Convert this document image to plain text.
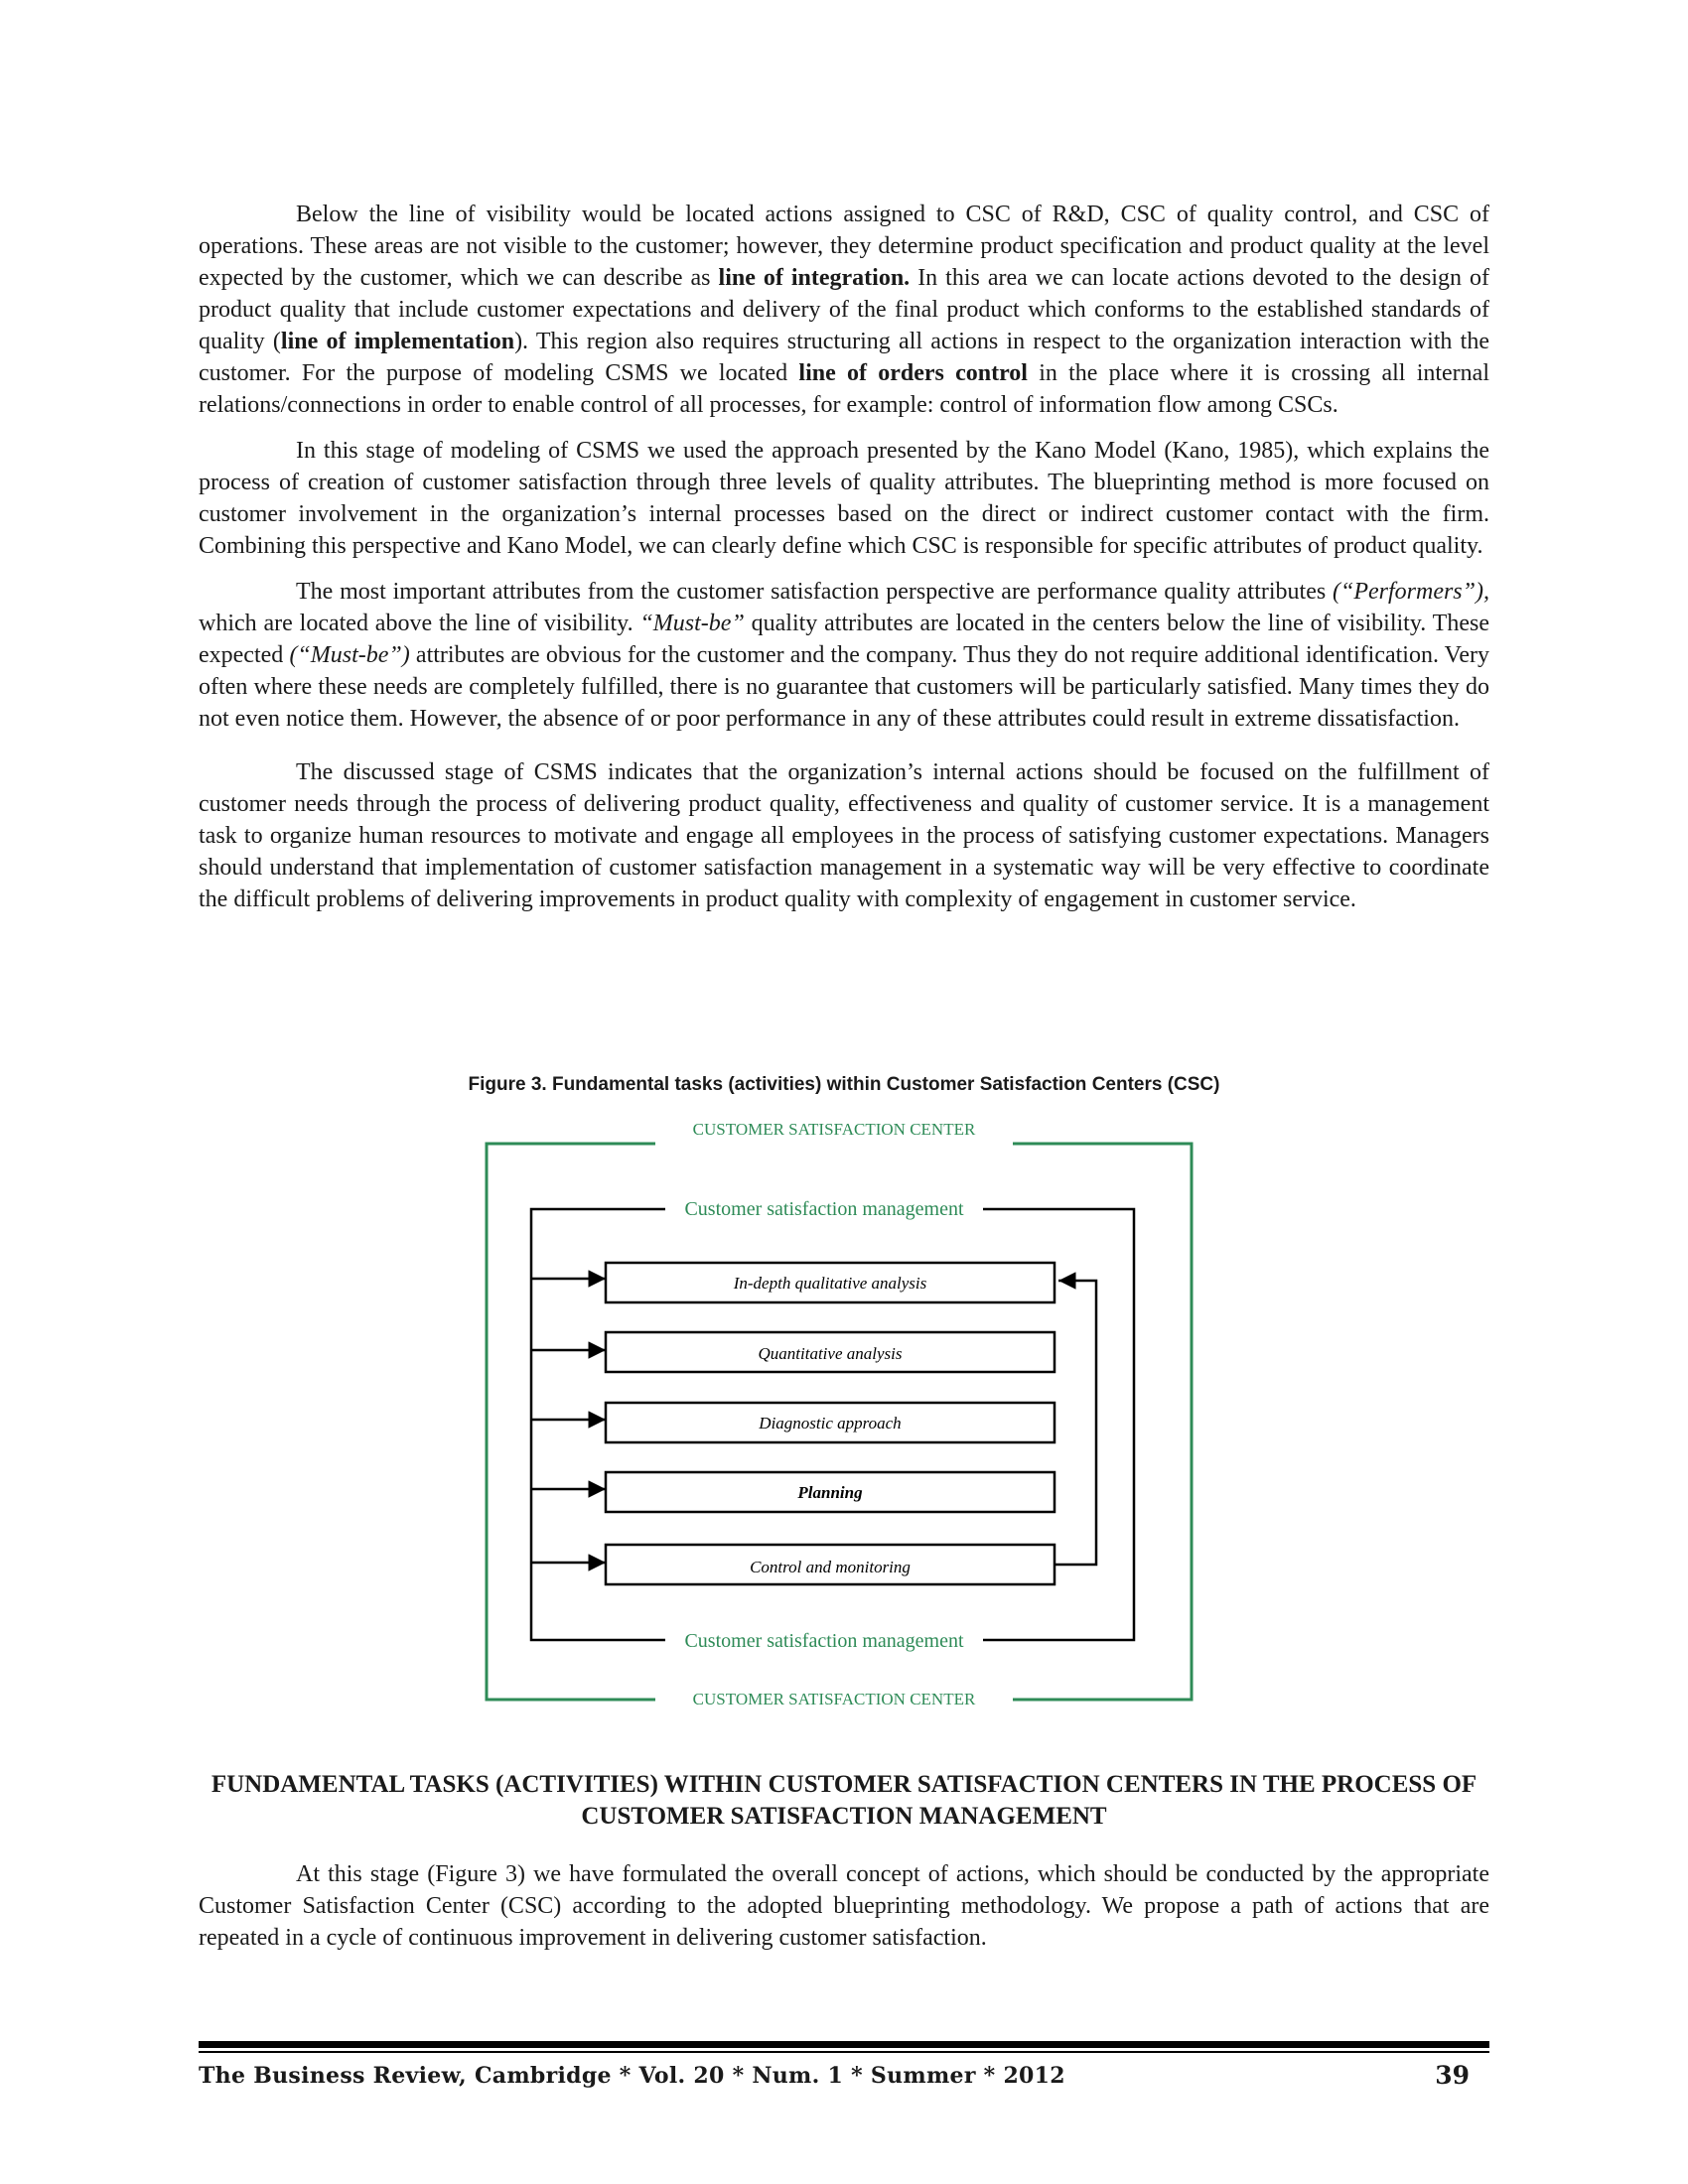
Below the line of visibility would be located actions assigned to CSC of R&D, CSC of quality control, and CSC of operations. These areas are not visible to the customer; however, they determine product specification and product quality at the level expected by the customer, which we can describe as line of integration. In this area we can locate actions devoted to the design of product quality that include customer expectations and delivery of the final product which conforms to the established standards of quality (line of implementation). This region also requires structuring all actions in respect to the organization interaction with the customer. For the purpose of modeling CSMS we located line of orders control in the place where it is crossing all internal relations/connections in order to enable control of all processes, for example: control of information flow among CSCs.

In this stage of modeling of CSMS we used the approach presented by the Kano Model (Kano, 1985), which explains the process of creation of customer satisfaction through three levels of quality attributes. The blueprinting method is more focused on customer involvement in the organization’s internal processes based on the direct or indirect customer contact with the firm. Combining this perspective and Kano Model, we can clearly define which CSC is responsible for specific attributes of product quality.

The most important attributes from the customer satisfaction perspective are performance quality attributes (“Performers”), which are located above the line of visibility. “Must-be” quality attributes are located in the centers below the line of visibility. These expected (“Must-be”) attributes are obvious for the customer and the company. Thus they do not require additional identification. Very often where these needs are completely fulfilled, there is no guarantee that customers will be particularly satisfied. Many times they do not even notice them. However, the absence of or poor performance in any of these attributes could result in extreme dissatisfaction.

The discussed stage of CSMS indicates that the organization’s internal actions should be focused on the fulfillment of customer needs through the process of delivering product quality, effectiveness and quality of customer service. It is a management task to organize human resources to motivate and engage all employees in the process of satisfying customer expectations. Managers should understand that implementation of customer satisfaction management in a systematic way will be very effective to coordinate the difficult problems of delivering improvements in product quality with complexity of engagement in customer service.

Figure 3. Fundamental tasks (activities) within Customer Satisfaction Centers (CSC)
CUSTOMER SATISFACTION CENTER
CUSTOMER SATISFACTION CENTER
Customer satisfaction management
Customer satisfaction management
In-depth qualitative analysis
Quantitative analysis
Diagnostic approach
Planning
Control and monitoring
FUNDAMENTAL TASKS (ACTIVITIES) WITHIN CUSTOMER SATISFACTION CENTERS IN THE PROCESS OF CUSTOMER SATISFACTION MANAGEMENT

At this stage (Figure 3) we have formulated the overall concept of actions, which should be conducted by the appropriate Customer Satisfaction Center (CSC) according to the adopted blueprinting methodology. We propose a path of actions that are repeated in a cycle of continuous improvement in delivering customer satisfaction.

The Business Review, Cambridge * Vol. 20 * Num. 1 * Summer * 2012	39
